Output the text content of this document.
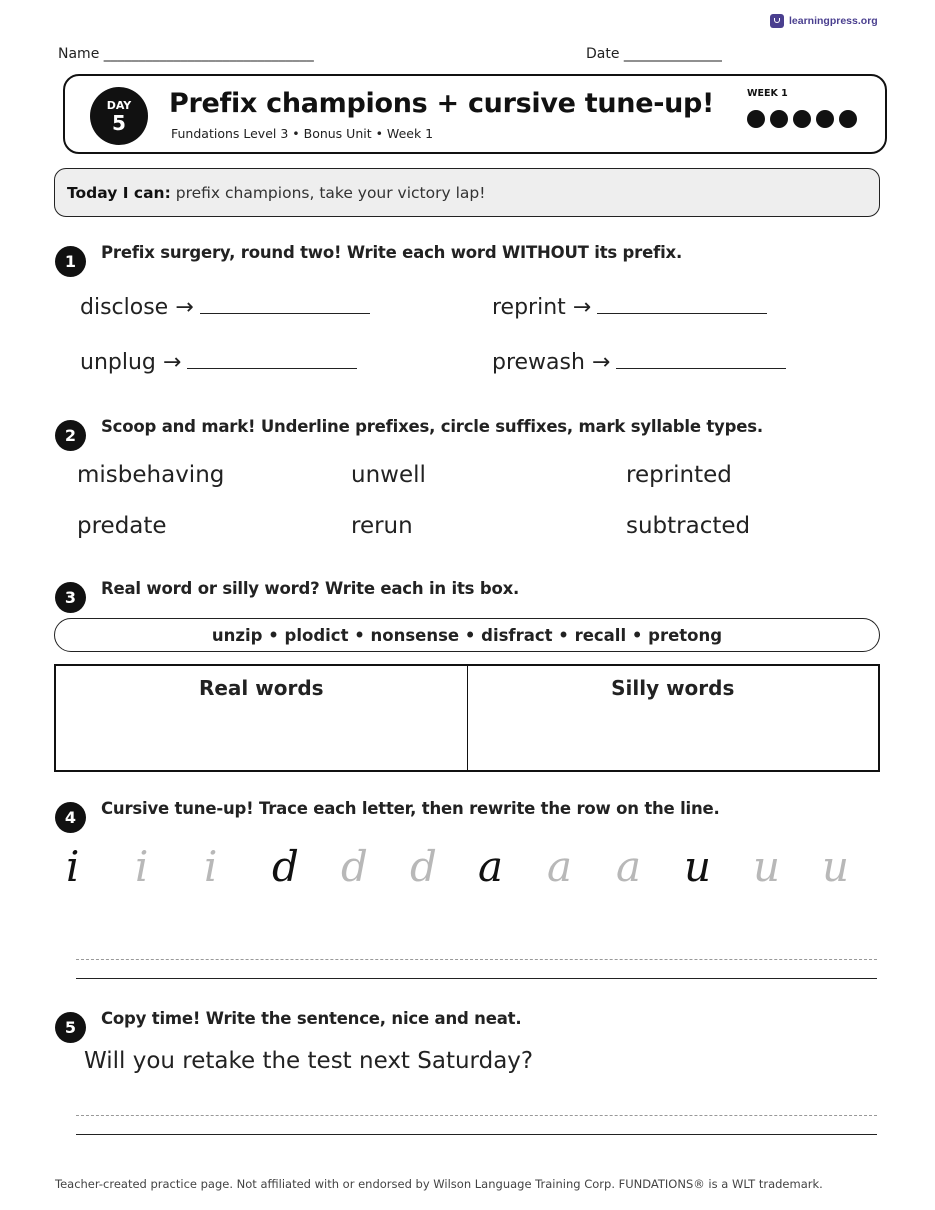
learningpress.org
Name ______________________________	Date ______________
DAY
5
Prefix champions + cursive tune-up!
Fundations Level 3 • Bonus Unit • Week 1
WEEK 1
Today I can: prefix champions, take your victory lap!
1	Prefix surgery, round two! Write each word WITHOUT its prefix.
disclose →	reprint →
unplug →	prewash →
2	Scoop and mark! Underline prefixes, circle suffixes, mark syllable types.
misbehaving	unwell	reprinted
predate	rerun	subtracted
3	Real word or silly word? Write each in its box.
unzip • plodict • nonsense • disfract • recall • pretong
Real words	Silly words
4	Cursive tune-up! Trace each letter, then rewrite the row on the line.
i i i d d d a a a u u u
5	Copy time! Write the sentence, nice and neat.
Will you retake the test next Saturday?
Teacher-created practice page. Not affiliated with or endorsed by Wilson Language Training Corp. FUNDATIONS® is a WLT trademark.
